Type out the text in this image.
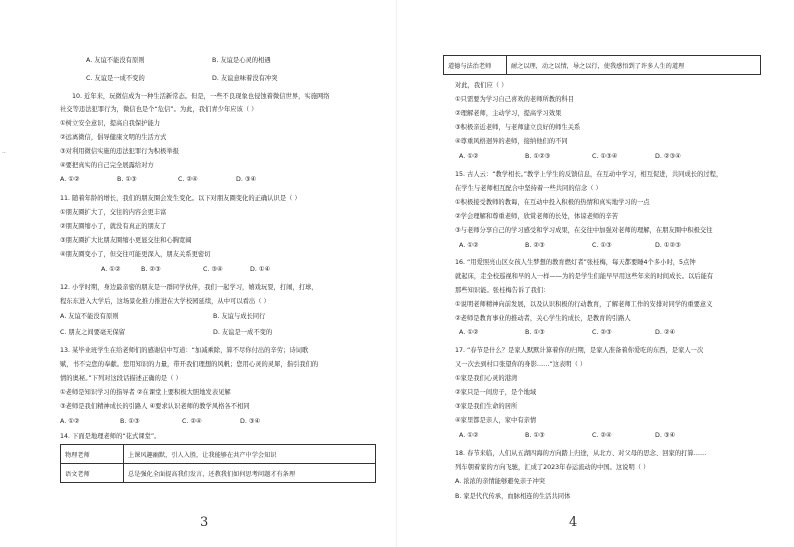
..
A. 友谊不能没有原则	B. 友谊是心灵的相遇
C. 友谊是一成不变的	D. 友谊意味着没有冲突
10. 近年来，玩微信成为一种生活新常态。但是，一些不良现象也侵蚀着微信世界，实施网络
社交等违法犯罪行为，微信也是个“危信”。为此，我们青少年应该（ ）
①树立安全意识，提高自我保护能力
②远离微信，倡导健康文明的生活方式
③对利用微信实施的违法犯罪行为积极举报
④要把真实的自己完全展露给对方
A. ①②	B. ①③	C. ②④	D. ③④
11. 随着年龄的增长，我们的朋友圈会发生变化。以下对朋友圈变化的正确认识是（ ）
①朋友圈扩大了，交往的内容会更丰富
②朋友圈缩小了，就没有真正的朋友了
③朋友圈扩大比朋友圈缩小更显交往和心胸宽阔
④朋友圈变小了，但交往可能更深入，朋友关系更密切
A. ①②	B. ②③	C. ③④	D. ①④
12. 小学时期，身边最亲密的朋友是一群同学伙伴，我们一起学习，嬉戏玩耍，打闹，打球，
程东东进入大学后，这场景化推力推进在大学校园延续，从中可以看出（ ）
A. 友谊不能没有原则	B. 友谊与成长同行
C. 朋友之间要毫无保留	D. 友谊是一成不变的
13. 某毕业班学生在给老师们的感谢信中写道：“加减乘除，算不尽你付出的辛劳；诗词歌
赋，书不完您的奉献。您用知识的力量，带开我们理想的风帆；您用心灵的灵犀，指引我们的
情的奥秘。”下列对这段话描述正确的是（ ）
①老师是知识学习的指导者 ②在课堂上要积极大胆地发表见解
③老师是我们精神成长的引路人 ④要求认识老师的教学风格各不相同
A. ①②	B. ①③	C. ②④	D. ③④
14. 下面是地理老师的“花式课堂”。
物理老师	上课风趣幽默，引人入胜，让我能够在共产中学会知识
语文老师	总是强化全面提高我们发言，还教我们如何思考问题才有条理
3
道德与法治老师	耐之以理，动之以情，导之以行，使我感悟到了许多人生的道理
对此，我们应（ ）
①只需要为学习自己喜欢的老师所教的科目
②理解老师，主动学习，提高学习效果
③积极亲近老师，与老师建立良好的师生关系
④尊重风格迥异的老师，接纳他们的不同
A. ①②	B. ①②③	C. ①③④	D. ②③④
15. 古人云：“教学相长。”教学上学生的反馈信息，在互动中学习，相互促进，共同成长的过程，
在学生与老师相互配合中坚持着一些共同的信念（ ）
①积极接受教师的教诲，在互动中投入积极的热情和真实地学习的一点
②学会理解和尊重老师，欣赏老师的长处，体谅老师的辛苦
③与老师分享自己的学习感受和学习成果，在交往中加强对老师的理解，在朋友圈中积极交往
A. ①②	B. ②③	C. ①③	D. ①②③
16. “用爱照亮山区女孩人生梦想的教育燃灯者”张桂梅，每天都要睡4个多小时，5点钟
就起床，走全校巡视和早的人一样——为的是学生们能早早用这些年来的时间成长。以后能有
那些知识能。张桂梅告诉了我们：
①说明老师精神向前发展，以及认识积极的行动教育，了解老师工作的安排对同学的重要意义
②老师是教育事业的推动者，关心学生的成长，是教育的引路人
A. ①②	B. ①③	C. ②③	D. ②④
17. “春节是什么？是家人默默计算着你的归期，是家人准备着你爱吃的东西，是家人一次
又一次去到村口张望你的身影……”这表明（ ）
①家是我们心灵的港湾
②家只是一间房子，是个地域
③家是我们生命的居所
④家里都是亲人，家中有亲情
A. ①②	B. ①③	C. ②④	D. ③④
18. 春节来临，人们从五湖四海的方向踏上归途，从北方、对父母的思念、回家的打算……
列车朝着家的方向飞驰，汇成了2023年春运流动的中国。这说明（ ）
A. 浓浓的亲情能够避免亲子冲突
B. 家是代代传承，血脉相连的生活共同体
4
